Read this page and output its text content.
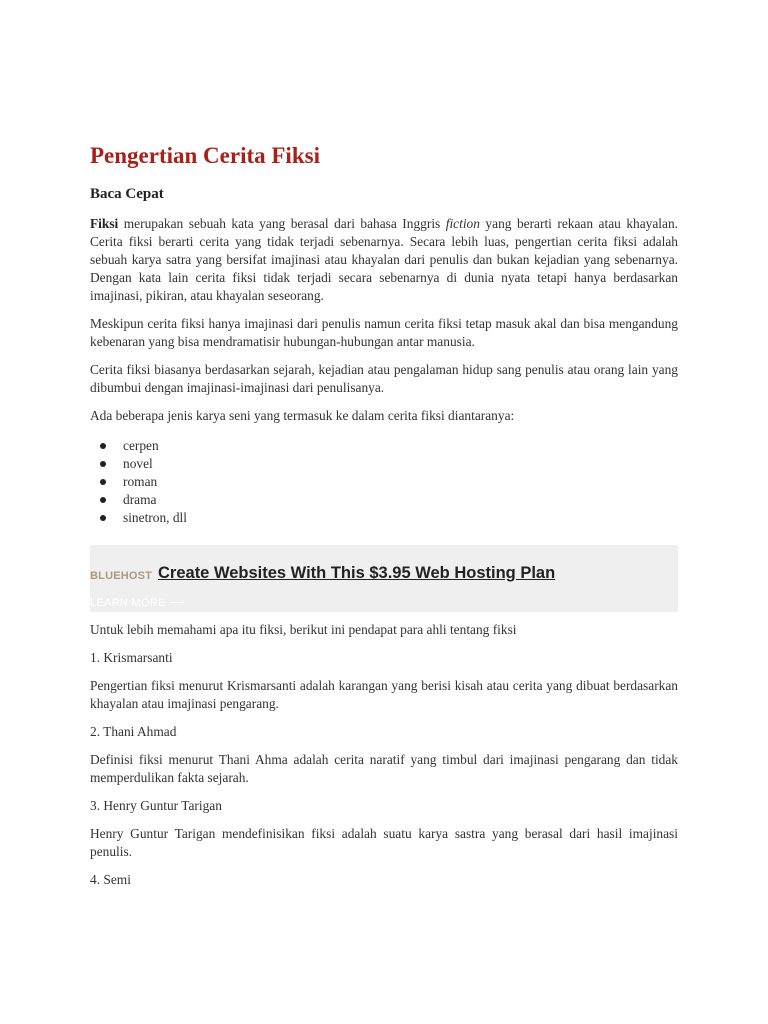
Pengertian Cerita Fiksi
Baca Cepat

Fiksi merupakan sebuah kata yang berasal dari bahasa Inggris fiction yang berarti rekaan atau khayalan. Cerita fiksi berarti cerita yang tidak terjadi sebenarnya. Secara lebih luas, pengertian cerita fiksi adalah sebuah karya satra yang bersifat imajinasi atau khayalan dari penulis dan bukan kejadian yang sebenarnya. Dengan kata lain cerita fiksi tidak terjadi secara sebenarnya di dunia nyata tetapi hanya berdasarkan imajinasi, pikiran, atau khayalan seseorang.

Meskipun cerita fiksi hanya imajinasi dari penulis namun cerita fiksi tetap masuk akal dan bisa mengandung kebenaran yang bisa mendramatisir hubungan-hubungan antar manusia.

Cerita fiksi biasanya berdasarkan sejarah, kejadian atau pengalaman hidup sang penulis atau orang lain yang dibumbui dengan imajinasi-imajinasi dari penulisanya.

Ada beberapa jenis karya seni yang termasuk ke dalam cerita fiksi diantaranya:

cerpen
novel
roman
drama
sinetron, dll
BLUEHOST Create Websites With This $3.95 Web Hosting Plan
LEARN MORE ⟶

Untuk lebih memahami apa itu fiksi, berikut ini pendapat para ahli tentang fiksi

1. Krismarsanti

Pengertian fiksi menurut Krismarsanti adalah karangan yang berisi kisah atau cerita yang dibuat berdasarkan khayalan atau imajinasi pengarang.

2. Thani Ahmad

Definisi fiksi menurut Thani Ahma adalah cerita naratif yang timbul dari imajinasi pengarang dan tidak memperdulikan fakta sejarah.

3. Henry Guntur Tarigan

Henry Guntur Tarigan mendefinisikan fiksi adalah suatu karya sastra yang berasal dari hasil imajinasi penulis.

4. Semi
